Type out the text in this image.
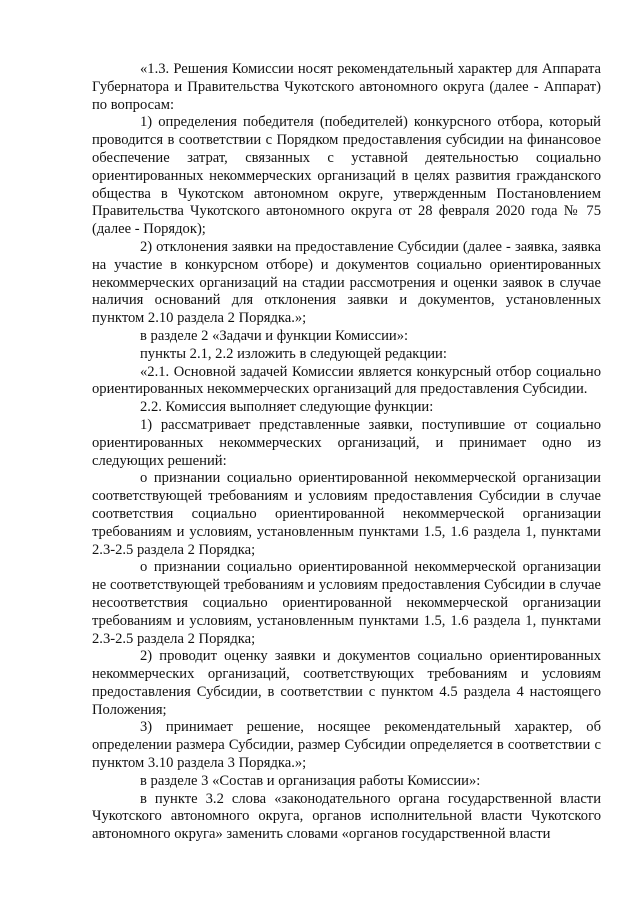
«1.3. Решения Комиссии носят рекомендательный характер для Аппарата Губернатора и Правительства Чукотского автономного округа (далее - Аппарат) по вопросам:

1) определения победителя (победителей) конкурсного отбора, который проводится в соответствии с Порядком предоставления субсидии на финансовое обеспечение затрат, связанных с уставной деятельностью социально ориентированных некоммерческих организаций в целях развития гражданского общества в Чукотском автономном округе, утвержденным Постановлением Правительства Чукотского автономного округа от 28 февраля 2020 года № 75 (далее - Порядок);

2) отклонения заявки на предоставление Субсидии (далее - заявка, заявка на участие в конкурсном отборе) и документов социально ориентированных некоммерческих организаций на стадии рассмотрения и оценки заявок в случае наличия оснований для отклонения заявки и документов, установленных пунктом 2.10 раздела 2 Порядка.»;

в разделе 2 «Задачи и функции Комиссии»:

пункты 2.1, 2.2 изложить в следующей редакции:

«2.1. Основной задачей Комиссии является конкурсный отбор социально ориентированных некоммерческих организаций для предоставления Субсидии.

2.2. Комиссия выполняет следующие функции:

1) рассматривает представленные заявки, поступившие от социально ориентированных некоммерческих организаций, и принимает одно из следующих решений:

о признании социально ориентированной некоммерческой организации соответствующей требованиям и условиям предоставления Субсидии в случае соответствия социально ориентированной некоммерческой организации требованиям и условиям, установленным пунктами 1.5, 1.6 раздела 1, пунктами 2.3-2.5 раздела 2 Порядка;

о признании социально ориентированной некоммерческой организации не соответствующей требованиям и условиям предоставления Субсидии в случае несоответствия социально ориентированной некоммерческой организации требованиям и условиям, установленным пунктами 1.5, 1.6 раздела 1, пунктами 2.3-2.5 раздела 2 Порядка;

2) проводит оценку заявки и документов социально ориентированных некоммерческих организаций, соответствующих требованиям и условиям предоставления Субсидии, в соответствии с пунктом 4.5 раздела 4 настоящего Положения;

3) принимает решение, носящее рекомендательный характер, об определении размера Субсидии, размер Субсидии определяется в соответствии с пунктом 3.10 раздела 3 Порядка.»;

в разделе 3 «Состав и организация работы Комиссии»:

в пункте 3.2 слова «законодательного органа государственной власти Чукотского автономного округа, органов исполнительной власти Чукотского автономного округа» заменить словами «органов государственной власти
